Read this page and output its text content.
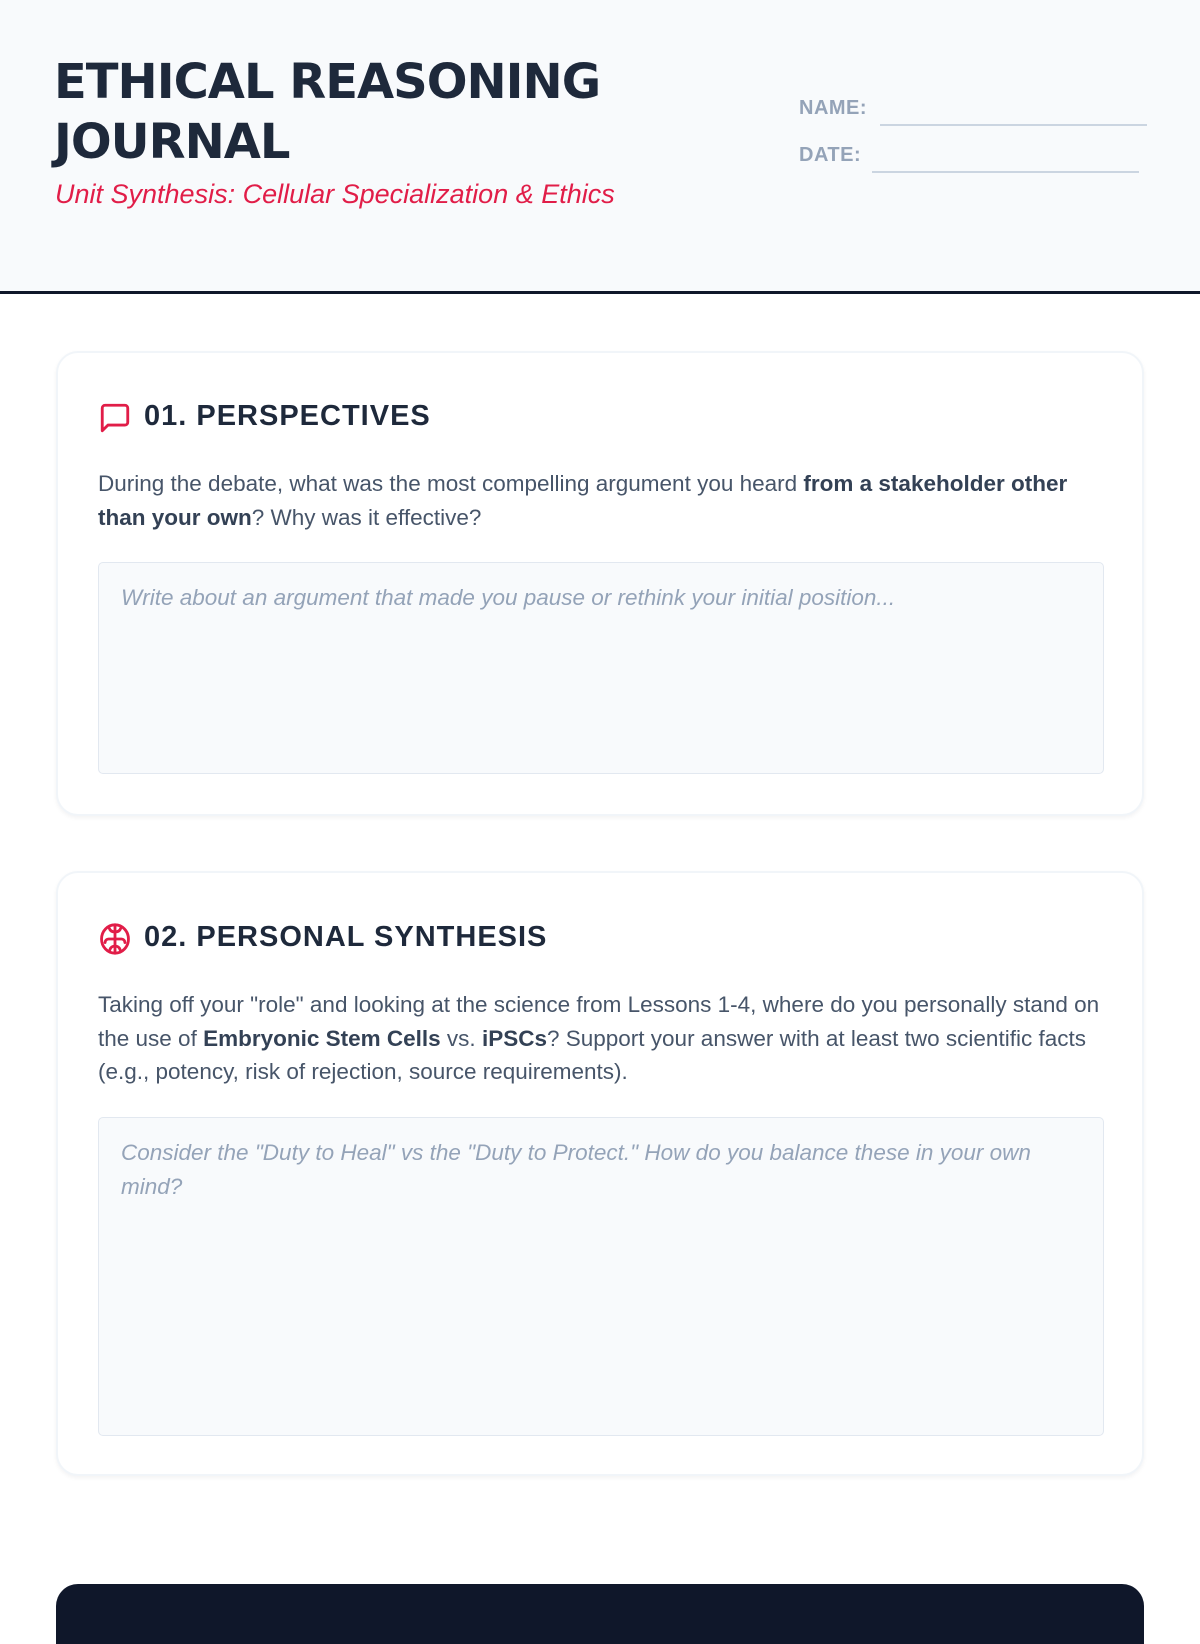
ETHICAL REASONING JOURNAL

Unit Synthesis: Cellular Specialization & Ethics

NAME:
DATE:
01. PERSPECTIVES

During the debate, what was the most compelling argument you heard from a stakeholder other than your own? Why was it effective?

Write about an argument that made you pause or rethink your initial position...
02. PERSONAL SYNTHESIS

Taking off your "role" and looking at the science from Lessons 1-4, where do you personally stand on the use of Embryonic Stem Cells vs. iPSCs? Support your answer with at least two scientific facts (e.g., potency, risk of rejection, source requirements).

Consider the "Duty to Heal" vs the "Duty to Protect." How do you balance these in your own mind?
